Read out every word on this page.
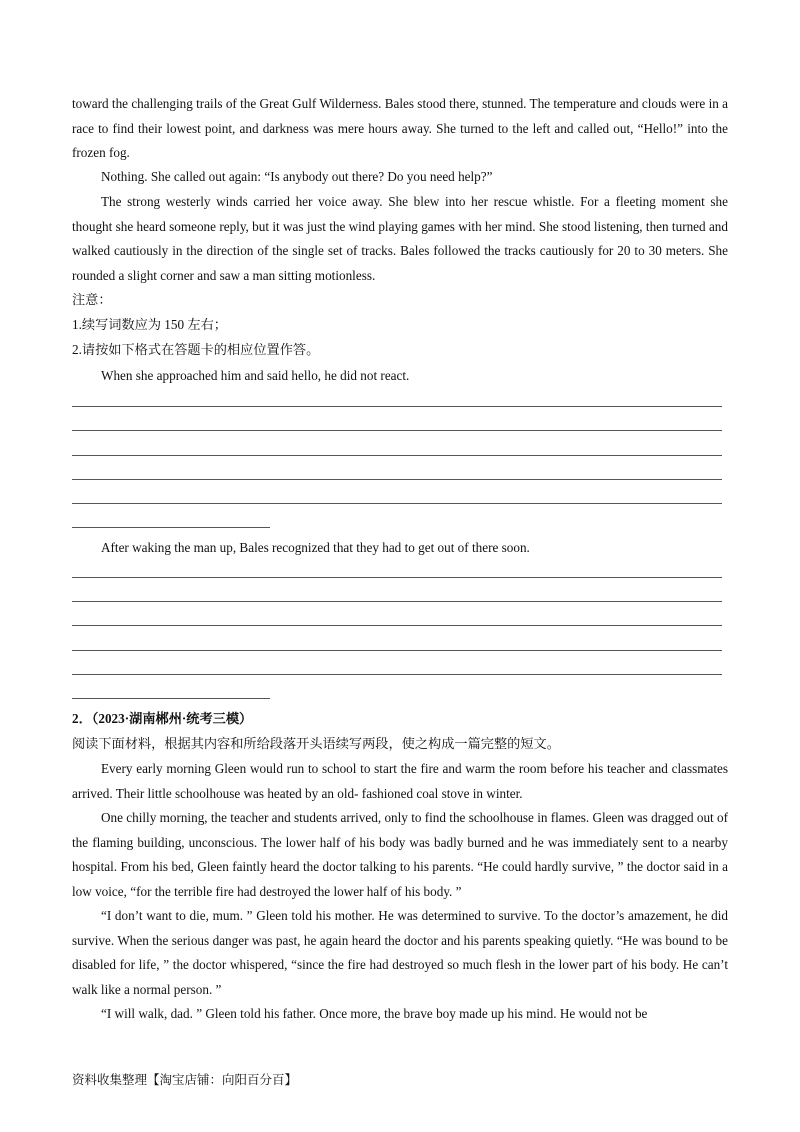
toward the challenging trails of the Great Gulf Wilderness. Bales stood there, stunned. The temperature and clouds were in a race to find their lowest point, and darkness was mere hours away. She turned to the left and called out, “Hello!” into the frozen fog.

Nothing. She called out again: “Is anybody out there? Do you need help?”

The strong westerly winds carried her voice away. She blew into her rescue whistle. For a fleeting moment she thought she heard someone reply, but it was just the wind playing games with her mind. She stood listening, then turned and walked cautiously in the direction of the single set of tracks. Bales followed the tracks cautiously for 20 to 30 meters. She rounded a slight corner and saw a man sitting motionless.

注意：

1.续写词数应为 150 左右；

2.请按如下格式在答题卡的相应位置作答。

When she approached him and said hello, he did not react.

After waking the man up, Bales recognized that they had to get out of there soon.

2．（2023·湖南郴州·统考三模）

阅读下面材料，根据其内容和所给段落开头语续写两段，使之构成一篇完整的短文。

Every early morning Gleen would run to school to start the fire and warm the room before his teacher and classmates arrived. Their little schoolhouse was heated by an old- fashioned coal stove in winter.

One chilly morning, the teacher and students arrived, only to find the schoolhouse in flames. Gleen was dragged out of the flaming building, unconscious. The lower half of his body was badly burned and he was immediately sent to a nearby hospital. From his bed, Gleen faintly heard the doctor talking to his parents. “He could hardly survive, ” the doctor said in a low voice, “for the terrible fire had destroyed the lower half of his body. ”

“I don’t want to die, mum. ” Gleen told his mother. He was determined to survive. To the doctor’s amazement, he did survive. When the serious danger was past, he again heard the doctor and his parents speaking quietly. “He was bound to be disabled for life, ” the doctor whispered, “since the fire had destroyed so much flesh in the lower part of his body. He can’t walk like a normal person. ”

“I will walk, dad. ” Gleen told his father. Once more, the brave boy made up his mind. He would not be

资料收集整理【淘宝店铺：向阳百分百】
